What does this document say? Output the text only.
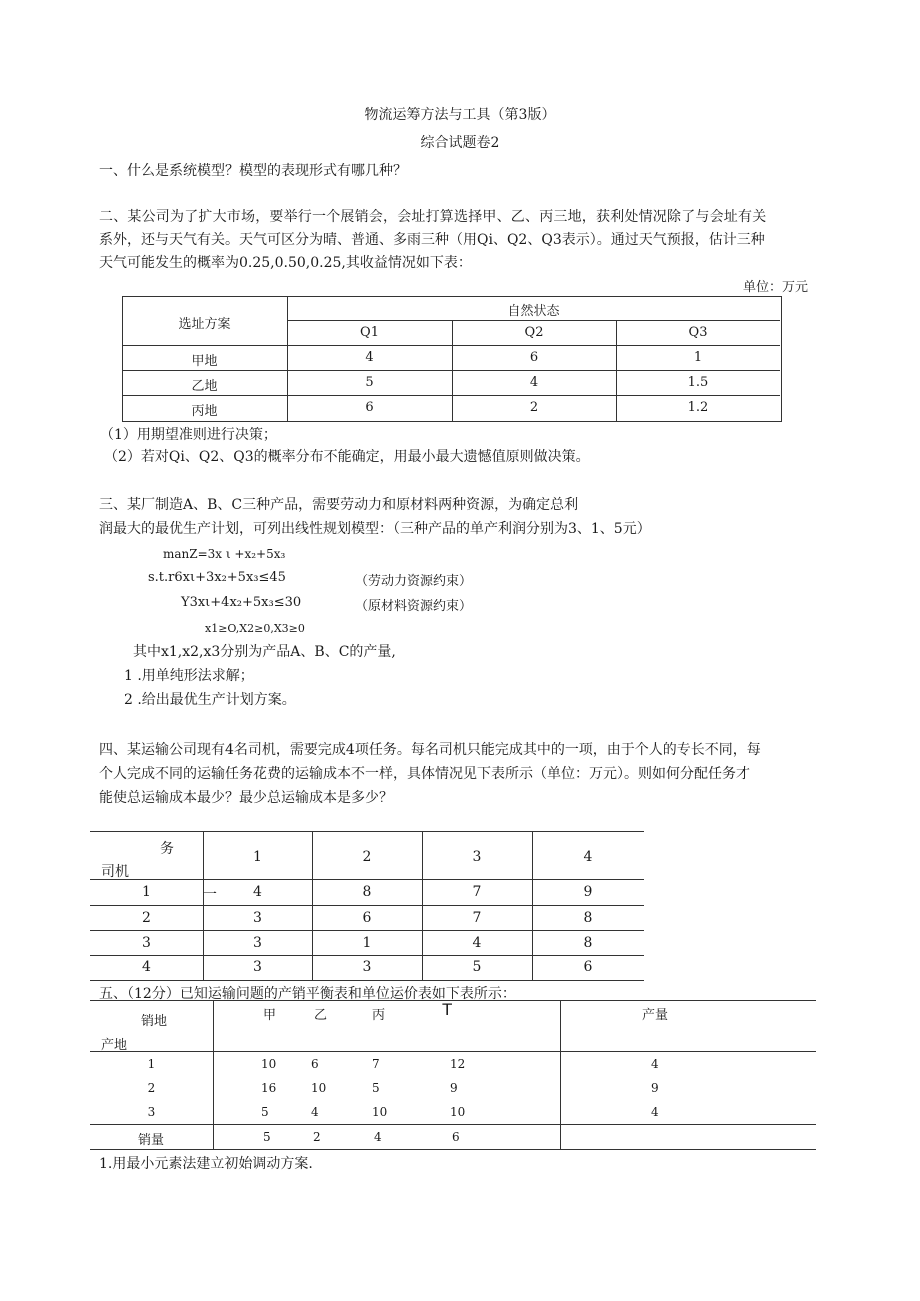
物流运筹方法与工具（第3版）
综合试题卷2
一、什么是系统模型？模型的表现形式有哪几种？
二、某公司为了扩大市场，要举行一个展销会，会址打算选择甲、乙、丙三地，获利处情况除了与会址有关
系外，还与天气有关。天气可区分为晴、普通、多雨三种（用Qi、Q2、Q3表示）。通过天气预报，估计三种
天气可能发生的概率为0.25,0.50,0.25,其收益情况如下表：
单位：万元
选址方案
自然状态
Q1	Q2	Q3
甲地	4	6	1
乙地	5	4	1.5
丙地	6	2	1.2
（1）用期望准则进行决策；
（2）若对Qi、Q2、Q3的概率分布不能确定，用最小最大遗憾值原则做决策。
三、某厂制造A、B、C三种产品，需要劳动力和原材料两种资源，为确定总利
润最大的最优生产计划，可列出线性规划模型：（三种产品的单产利润分别为3、1、5元）
manZ=3x ι +x₂+5x₃
s.t.r6xι+3x₂+5x₃≤45	（劳动力资源约束）
Y3xι+4x₂+5x₃≤30	（原材料资源约束）
x1≥O,X2≥0,X3≥0
其中x1,x2,x3分别为产品A、B、C的产量,
1 .用单纯形法求解；
2 .给出最优生产计划方案。
四、某运输公司现有4名司机，需要完成4项任务。每名司机只能完成其中的一项，由于个人的专长不同，每
个人完成不同的运输任务花费的运输成本不一样，具体情况见下表所示（单位：万元）。则如何分配任务才
能使总运输成本最少？最少总运输成本是多少？
务
司机
1	2	3	4
1	一	4	8	7	9
2	3	6	7	8
3	3	1	4	8
4	3	3	5	6
五、（12分）已知运输问题的产销平衡表和单位运价表如下表所示：
销地
产地
甲	乙	丙	T	产量
1	10	6	7	12	4
2	16	10	5	9	9
3	5	4	10	10	4
销量	5	2	4	6
1.用最小元素法建立初始调动方案.
